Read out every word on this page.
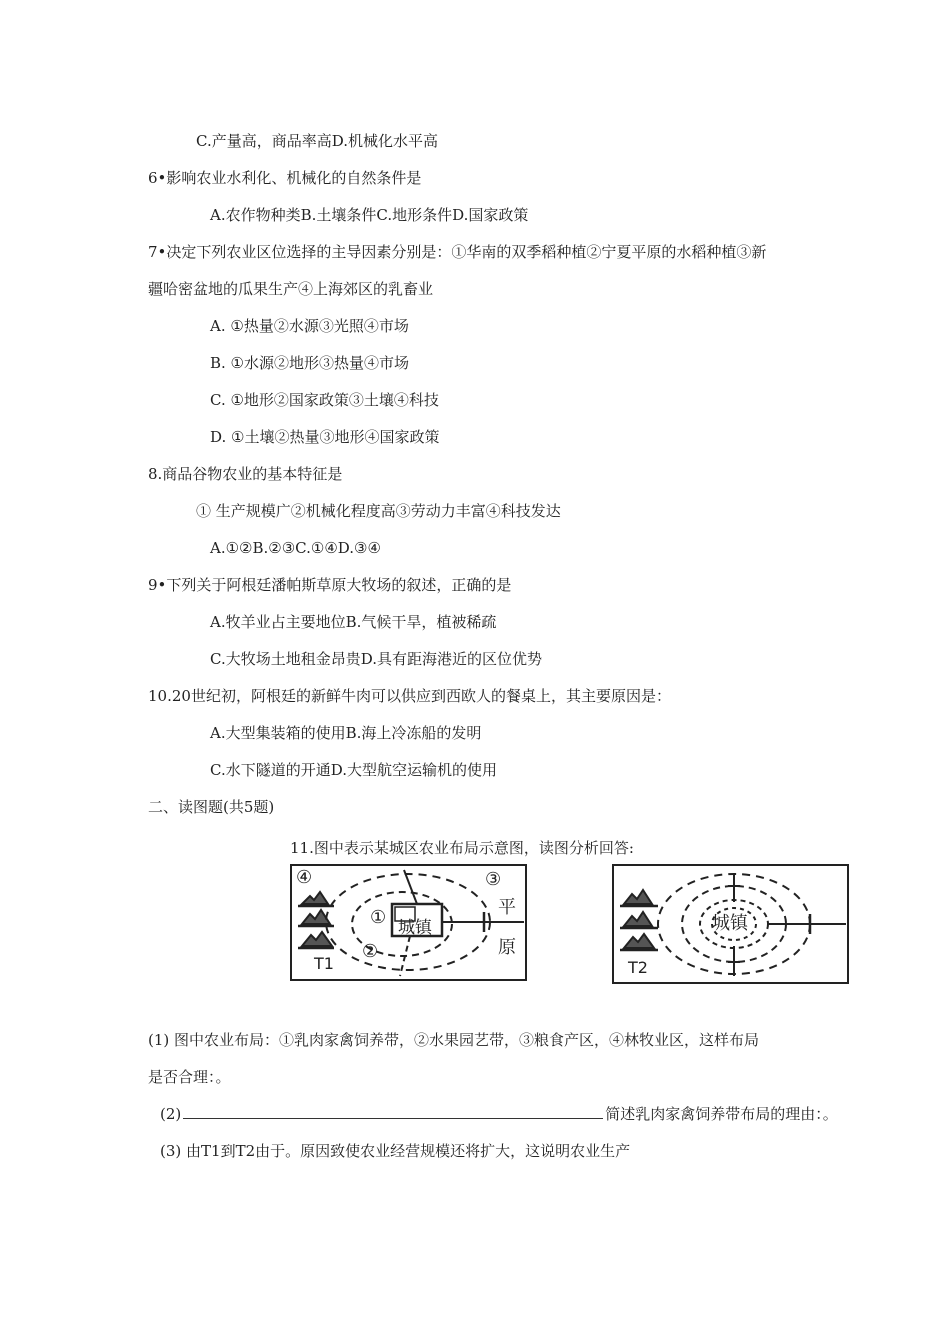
C.产量高，商品率高D.机械化水平高
6•影响农业水利化、机械化的自然条件是
A.农作物种类B.土壤条件C.地形条件D.国家政策
7•决定下列农业区位选择的主导因素分别是：①华南的双季稻种植②宁夏平原的水稻种植③新
疆哈密盆地的瓜果生产④上海郊区的乳畜业
A. ①热量②水源③光照④市场
B. ①水源②地形③热量④市场
C. ①地形②国家政策③土壤④科技
D. ①土壤②热量③地形④国家政策
8.商品谷物农业的基本特征是
① 生产规模广②机械化程度高③劳动力丰富④科技发达
A.①②B.②③C.①④D.③④
9•下列关于阿根廷潘帕斯草原大牧场的叙述，正确的是
A.牧羊业占主要地位B.气候干旱，植被稀疏
C.大牧场土地租金昂贵D.具有距海港近的区位优势
10.20世纪初，阿根廷的新鲜牛肉可以供应到西欧人的餐桌上，其主要原因是：
A.大型集装箱的使用B.海上冷冻船的发明
C.水下隧道的开通D.大型航空运输机的使用
二、读图题(共5题)
11.图中表示某城区农业布局示意图，读图分析回答:
④	③
①
②
城镇
平
原
T1
城镇
T2
(1) 图中农业布局：①乳肉家禽饲养带，②水果园艺带，③粮食产区，④林牧业区，这样布局
是否合理：。
(2)	简述乳肉家禽饲养带布局的理由：。
(3) 由T1到T2由于。原因致使农业经营规模还将扩大，这说明农业生产
